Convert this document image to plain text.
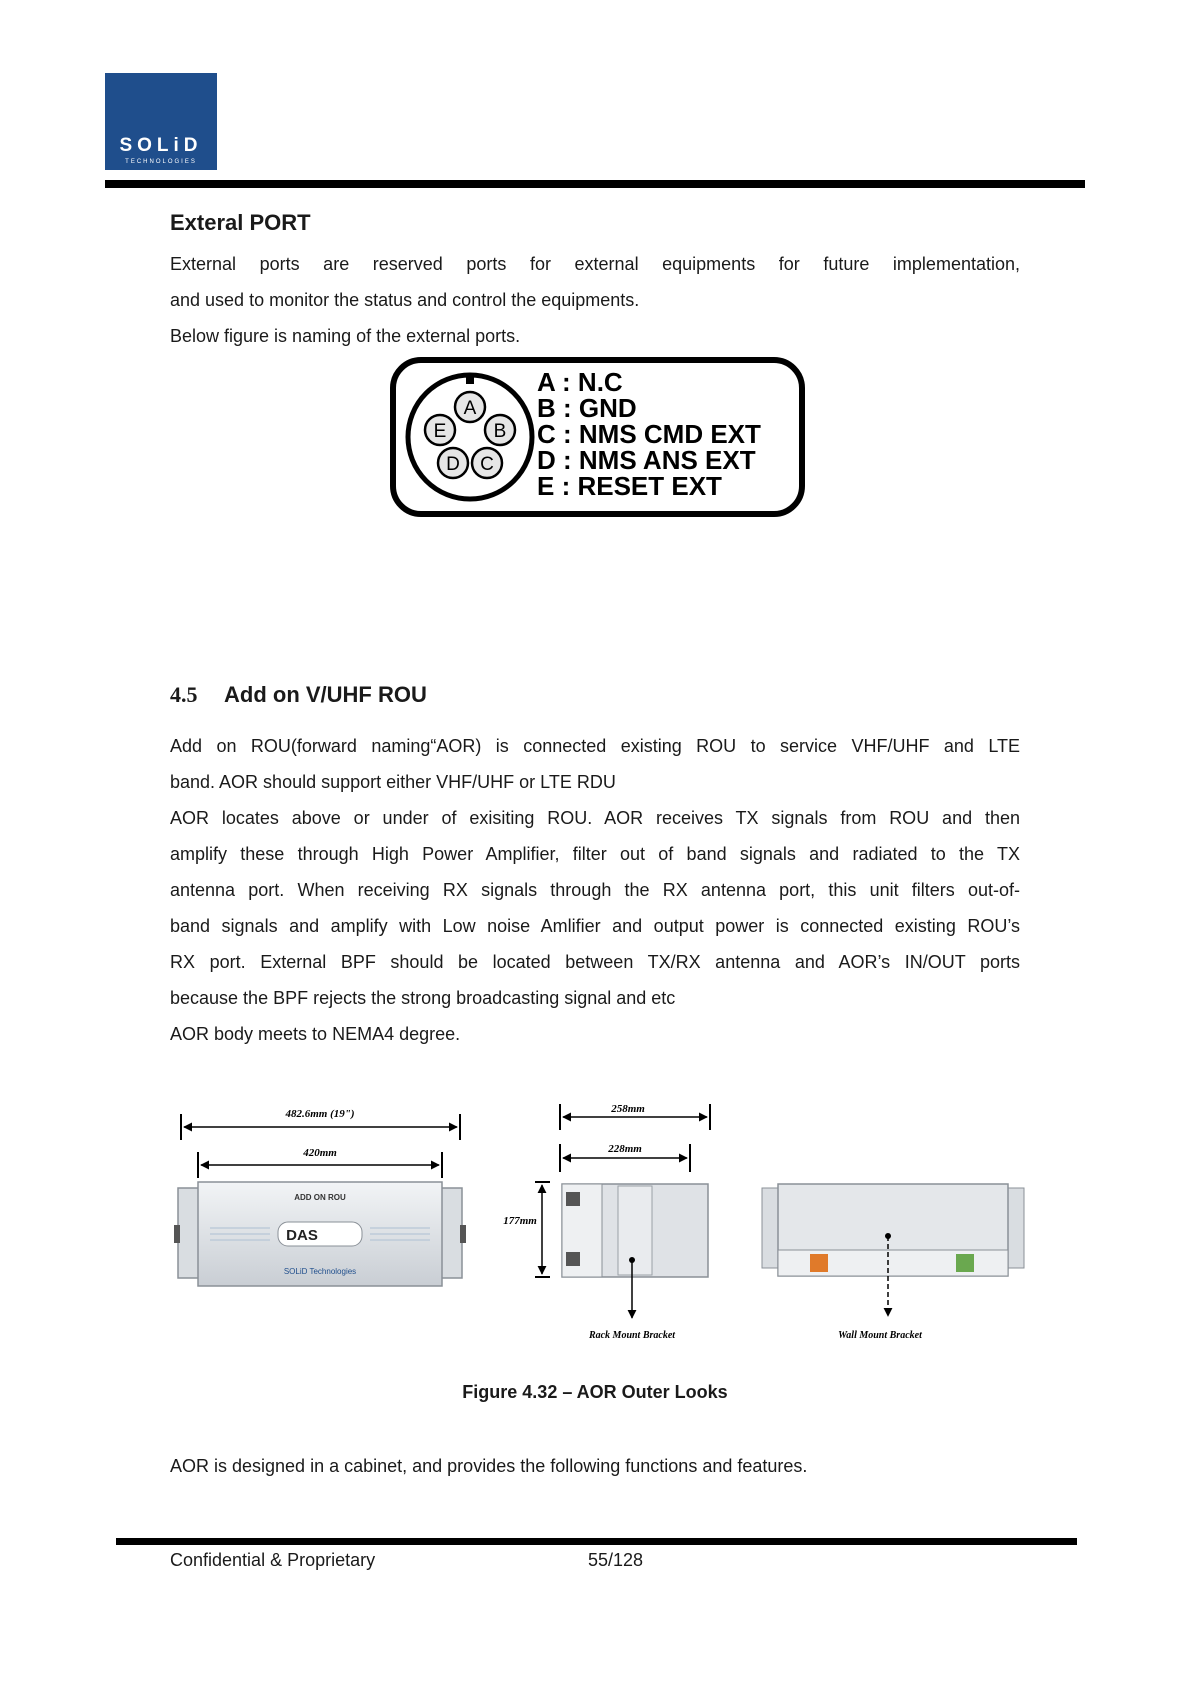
SOLiD
TECHNOLOGIES
Exteral PORT
External ports are reserved ports for external equipments for future implementation,
and used to monitor the status and control the equipments.
Below figure is naming of the external ports.
A
B
C
D
E
A : N.C
B : GND
C : NMS CMD EXT
D : NMS ANS EXT
E : RESET EXT
4.5 Add on V/UHF ROU
Add on ROU(forward naming“AOR) is connected existing ROU to service VHF/UHF and LTE
band. AOR should support either VHF/UHF or LTE RDU
AOR locates above or under of exisiting ROU. AOR receives TX signals from ROU and then
amplify these through High Power Amplifier, filter out of band signals and radiated to the TX
antenna port. When receiving RX signals through the RX antenna port, this unit filters out-of-
band signals and amplify with Low noise Amlifier and output power is connected existing ROU’s
RX port. External BPF should be located between TX/RX antenna and AOR’s IN/OUT ports
because the BPF rejects the strong broadcasting signal and etc
AOR body meets to NEMA4 degree.
482.6mm (19")
420mm
ADD ON ROU
DAS
SOLiD Technologies
258mm
228mm
177mm
Rack Mount Bracket	Wall Mount Bracket
Figure 4.32 – AOR Outer Looks
AOR is designed in a cabinet, and provides the following functions and features.
Confidential & Proprietary	55/128
